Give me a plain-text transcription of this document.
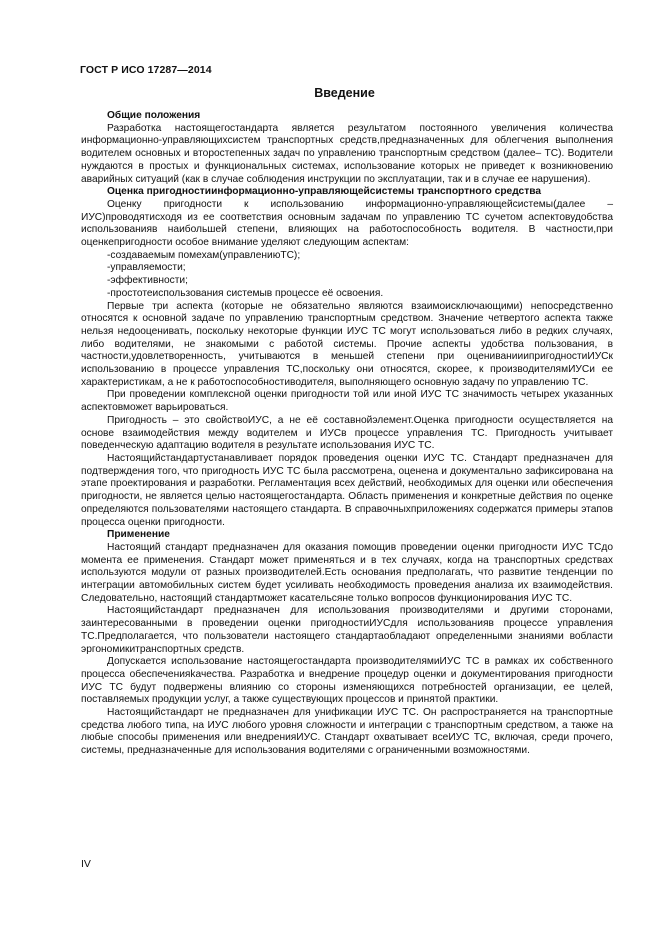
ГОСТ Р ИСО 17287—2014
Введение
Общие положения

Разработка настоящегостандарта является результатом постоянного увеличения количества информационно-управляющихсистем транспортных средств,предназначенных для облегчения выполнения водителем основных и второстепенных задач по управлению транспортным средством (далее– ТС). Водители нуждаются в простых и функциональных системах, использование которых не приведет к возникновению аварийных ситуаций (как в случае соблюдения инструкции по эксплуатации, так и в случае ее нарушения).

Оценка пригодностиинформационно-управляющейсистемы транспортного средства

Оценку пригодности к использованию информационно-управляющейсистемы(далее – ИУС)проводятисходя из ее соответствия основным задачам по управлению ТС сучетом аспектовудобства использованияв наибольшей степени, влияющих на работоспособность водителя. В частности,при оценкепригодности особое внимание уделяют следующим аспектам:

-создаваемым помехам(управлениюТС);
-управляемости;
-эффективности;
-простотеиспользования системыв процессе её освоения.

Первые три аспекта (которые не обязательно являются взаимоисключающими) непосредственно относятся к основной задаче по управлению транспортным средством. Значение четвертого аспекта также нельзя недооценивать, поскольку некоторые функции ИУС ТС могут использоваться либо в редких случаях, либо водителями, не знакомыми с работой системы. Прочие аспекты удобства пользования, в частности,удовлетворенность, учитываются в меньшей степени при оцениванииипригодностиИУСк использованию в процессе управления ТС,поскольку они относятся, скорее, к производителямИУСи ее характеристикам, а не к работоспособностиводителя, выполняющего основную задачу по управлению ТС.

При проведении комплексной оценки пригодности той или иной ИУС ТС значимость четырех указанных аспектовможет варьироваться.

Пригодность – это свойствоИУС, а не её составнойэлемент.Оценка пригодности осуществляется на основе взаимодействия между водителем и ИУСв процессе управления ТС. Пригодность учитывает поведенческую адаптацию водителя в результате использования ИУС ТС.

Настоящийстандартустанавливает порядок проведения оценки ИУС ТС. Стандарт предназначен для подтверждения того, что пригодность ИУС ТС была рассмотрена, оценена и документально зафиксирована на этапе проектирования и разработки. Регламентация всех действий, необходимых для оценки или обеспечения пригодности, не является целью настоящегостандарта. Область применения и конкретные действия по оценке определяются пользователями настоящего стандарта. В справочныхприложениях содержатся примеры этапов процесса оценки пригодности.

Применение

Настоящий стандарт предназначен для оказания помощив проведении оценки пригодности ИУС ТСдо момента ее применения. Стандарт может применяться и в тех случаях, когда на транспортных средствах используются модули от разных производителей.Есть основания предполагать, что развитие тенденции по интеграции автомобильных систем будет усиливать необходимость проведения анализа их взаимодействия. Следовательно, настоящий стандартможет касательсяне только вопросов функционирования ИУС ТС.

Настоящийстандарт предназначен для использования производителями и другими сторонами, заинтересованными в проведении оценки пригодностиИУСдля использованияв процессе управления ТС.Предполагается, что пользователи настоящего стандартаобладают определенными знаниями вобласти эргономикитранспортных средств.

Допускается использование настоящегостандарта производителямиИУС ТС в рамках их собственного процесса обеспеченияkачества. Разработка и внедрение процедур оценки и документирования пригодности ИУС ТС будут подвержены влиянию со стороны изменяющихся потребностей организации, ее целей, поставляемых продукции услуг, а также существующих процессов и принятой практики.

Настоящийстандарт не предназначен для унификации ИУС ТС. Он распространяется на транспортные средства любого типа, на ИУС любого уровня сложности и интеграции с транспортным средством, а также на любые способы применения или внедренияИУС. Стандарт охватывает всеИУС ТС, включая, среди прочего, системы, предназначенные для использования водителями с ограниченными возможностями.

IV
